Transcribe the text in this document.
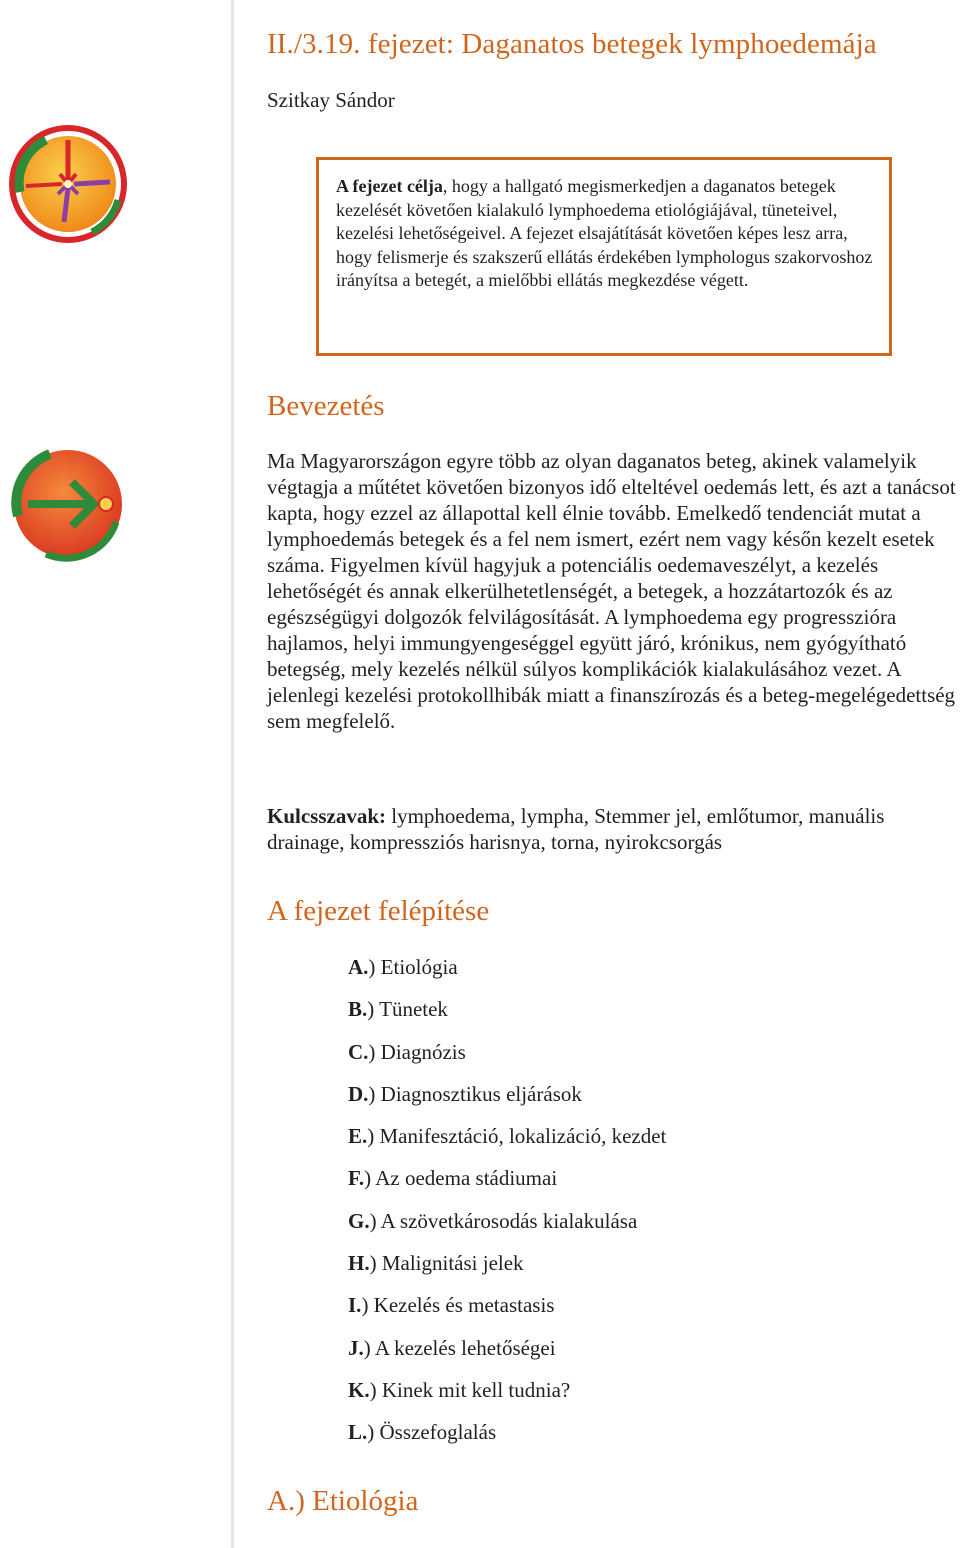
II./3.19. fejezet: Daganatos betegek lymphoedemája
Szitkay Sándor

A fejezet célja, hogy a hallgató megismerkedjen a daganatos betegek kezelését követően kialakuló lymphoedema etiológiájával, tüneteivel, kezelési lehetőségeivel. A fejezet elsajátítását követően képes lesz arra, hogy felismerje és szakszerű ellátás érdekében lymphologus szakorvoshoz irányítsa a betegét, a mielőbbi ellátás megkezdése végett.

Bevezetés

Ma Magyarországon egyre több az olyan daganatos beteg, akinek valamelyik végtagja a műtétet követően bizonyos idő elteltével oedemás lett, és azt a tanácsot kapta, hogy ezzel az állapottal kell élnie tovább. Emelkedő tendenciát mutat a lymphoedemás betegek és a fel nem ismert, ezért nem vagy későn kezelt esetek száma. Figyelmen kívül hagyjuk a potenciális oedemaveszélyt, a kezelés lehetőségét és annak elkerülhetetlenségét, a betegek, a hozzátartozók és az egészségügyi dolgozók felvilágosítását. A lymphoedema egy progresszióra hajlamos, helyi immungyengeséggel együtt járó, krónikus, nem gyógyítható betegség, mely kezelés nélkül súlyos komplikációk kialakulásához vezet. A jelenlegi kezelési protokollhibák miatt a finanszírozás és a beteg-megelégedettség sem megfelelő.

Kulcsszavak: lymphoedema, lympha, Stemmer jel, emlőtumor, manuális drainage, kompressziós harisnya, torna, nyirokcsorgás

A fejezet felépítése
A.) Etiológia
B.) Tünetek
C.) Diagnózis
D.) Diagnosztikus eljárások
E.) Manifesztáció, lokalizáció, kezdet
F.) Az oedema stádiumai
G.) A szövetkárosodás kialakulása
H.) Malignitási jelek
I.) Kezelés és metastasis
J.) A kezelés lehetőségei
K.) Kinek mit kell tudnia?
L.) Összefoglalás
A.) Etiológia
